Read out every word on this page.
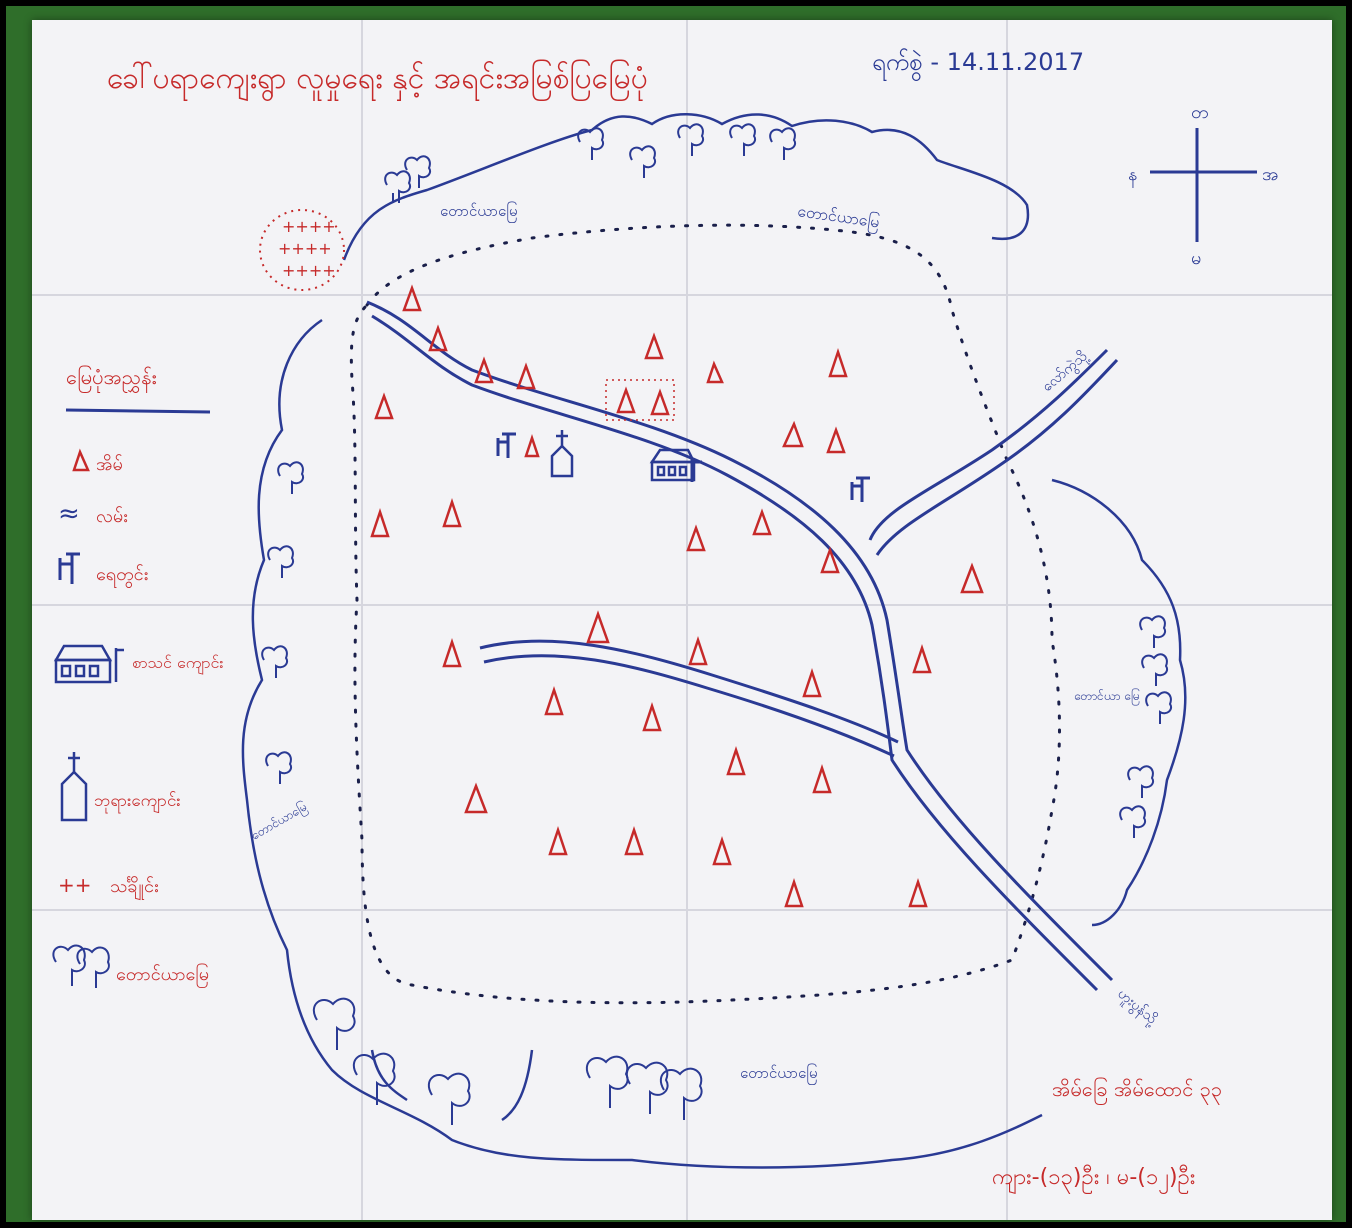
ခေါ်ပရာကျေးရွာ လူမှုရေး နှင့် အရင်းအမြစ်ပြမြေပုံ	ရက်စွဲ - 14.11.2017
တ
မ
အ
န
++++
++++
++++
လော်ကွဲသို့
ဟူးပွန်သို့
တောင်ယာမြေ	တောင်ယာမြေ
တောင်ယာ မြေ
တောင်ယာမြေ
တောင်ယာမြေ
မြေပုံအညွှန်း
အိမ်
≈ လမ်း
ရေတွင်း
စာသင် ကျောင်း
ဘုရားကျောင်း
++ သင်္ချိုင်း
တောင်ယာမြေ
အိမ်ခြေ အိမ်ထောင် ၃၃
ကျား-(၁၃)ဦး ၊ မ-(၁၂)ဦး
